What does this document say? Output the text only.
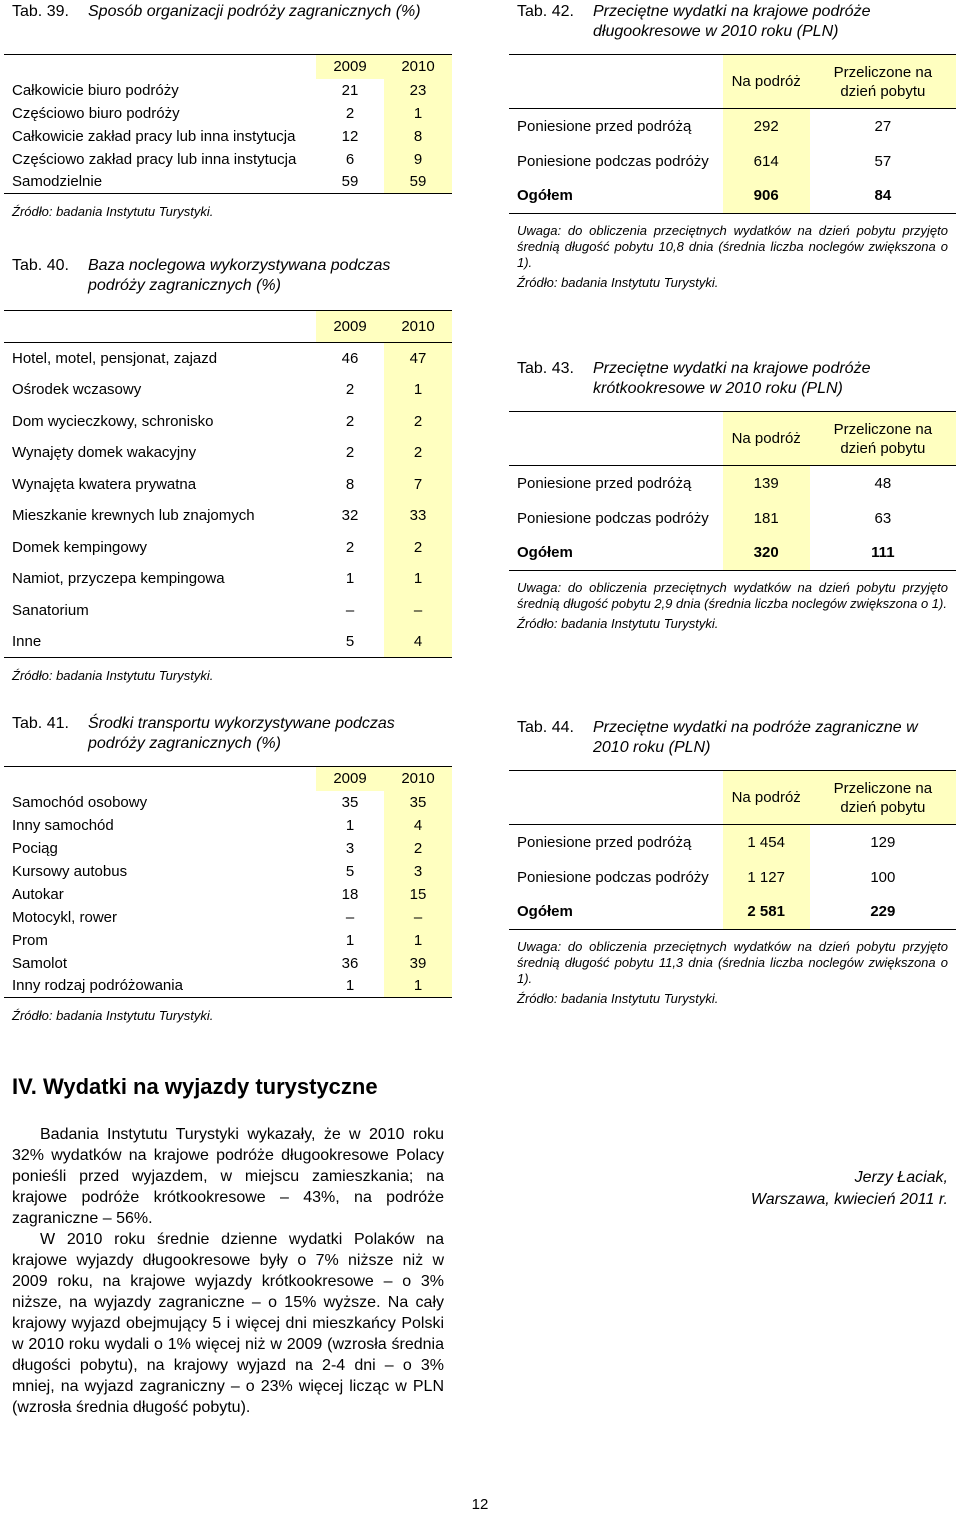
Tab. 39. Sposób organizacji podróży zagranicznych (%)

	2009	2010
Całkowicie biuro podróży	21	23
Częściowo biuro podróży	2	1
Całkowicie zakład pracy lub inna instytucja	12	8
Częściowo zakład pracy lub inna instytucja	6	9
Samodzielnie	59	59
Źródło: badania Instytutu Turystyki.

Tab. 40. Baza noclegowa wykorzystywana podczas podróży zagranicznych (%)

	2009	2010
Hotel, motel, pensjonat, zajazd	46	47
Ośrodek wczasowy	2	1
Dom wycieczkowy, schronisko	2	2
Wynajęty domek wakacyjny	2	2
Wynajęta kwatera prywatna	8	7
Mieszkanie krewnych lub znajomych	32	33
Domek kempingowy	2	2
Namiot, przyczepa kempingowa	1	1
Sanatorium	–	–
Inne	5	4
Źródło: badania Instytutu Turystyki.

Tab. 41. Środki transportu wykorzystywane podczas podróży zagranicznych (%)

	2009	2010
Samochód osobowy	35	35
Inny samochód	1	4
Pociąg	3	2
Kursowy autobus	5	3
Autokar	18	15
Motocykl, rower	–	–
Prom	1	1
Samolot	36	39
Inny rodzaj podróżowania	1	1
Źródło: badania Instytutu Turystyki.

Tab. 42. Przeciętne wydatki na krajowe podróże długookresowe w 2010 roku (PLN)

	Na podróż	Przeliczone na dzień pobytu
Poniesione przed podróżą	292	27
Poniesione podczas podróży	614	57
Ogółem	906	84
Uwaga: do obliczenia przeciętnych wydatków na dzień pobytu przyjęto średnią długość pobytu 10,8 dnia (średnia liczba noclegów zwiększona o 1).
Źródło: badania Instytutu Turystyki.

Tab. 43. Przeciętne wydatki na krajowe podróże krótkookresowe w 2010 roku (PLN)

	Na podróż	Przeliczone na dzień pobytu
Poniesione przed podróżą	139	48
Poniesione podczas podróży	181	63
Ogółem	320	111
Uwaga: do obliczenia przeciętnych wydatków na dzień pobytu przyjęto średnią długość pobytu 2,9 dnia (średnia liczba noclegów zwiększona o 1).
Źródło: badania Instytutu Turystyki.

Tab. 44. Przeciętne wydatki na podróże zagraniczne w 2010 roku (PLN)

	Na podróż	Przeliczone na dzień pobytu
Poniesione przed podróżą	1 454	129
Poniesione podczas podróży	1 127	100
Ogółem	2 581	229
Uwaga: do obliczenia przeciętnych wydatków na dzień pobytu przyjęto średnią długość pobytu 11,3 dnia (średnia liczba noclegów zwiększona o 1).
Źródło: badania Instytutu Turystyki.
IV. Wydatki na wyjazdy turystyczne

Badania Instytutu Turystyki wykazały, że w 2010 roku 32% wydatków na krajowe podróże długookresowe Polacy ponieśli przed wyjazdem, w miejscu zamieszkania; na krajowe podróże krótkookresowe – 43%, na podróże zagraniczne – 56%.

W 2010 roku średnie dzienne wydatki Polaków na krajowe wyjazdy długookresowe były o 7% niższe niż w 2009 roku, na krajowe wyjazdy krótkookresowe – o 3% niższe, na wyjazdy zagraniczne – o 15% wyższe. Na cały krajowy wyjazd obejmujący 5 i więcej dni mieszkańcy Polski w 2010 roku wydali o 1% więcej niż w 2009 (wzrosła średnia długości pobytu), na krajowy wyjazd na 2-4 dni – o 3% mniej, na wyjazd zagraniczny – o 23% więcej licząc w PLN (wzrosła średnia długość pobytu).

Jerzy Łaciak,
Warszawa, kwiecień 2011 r.
12
